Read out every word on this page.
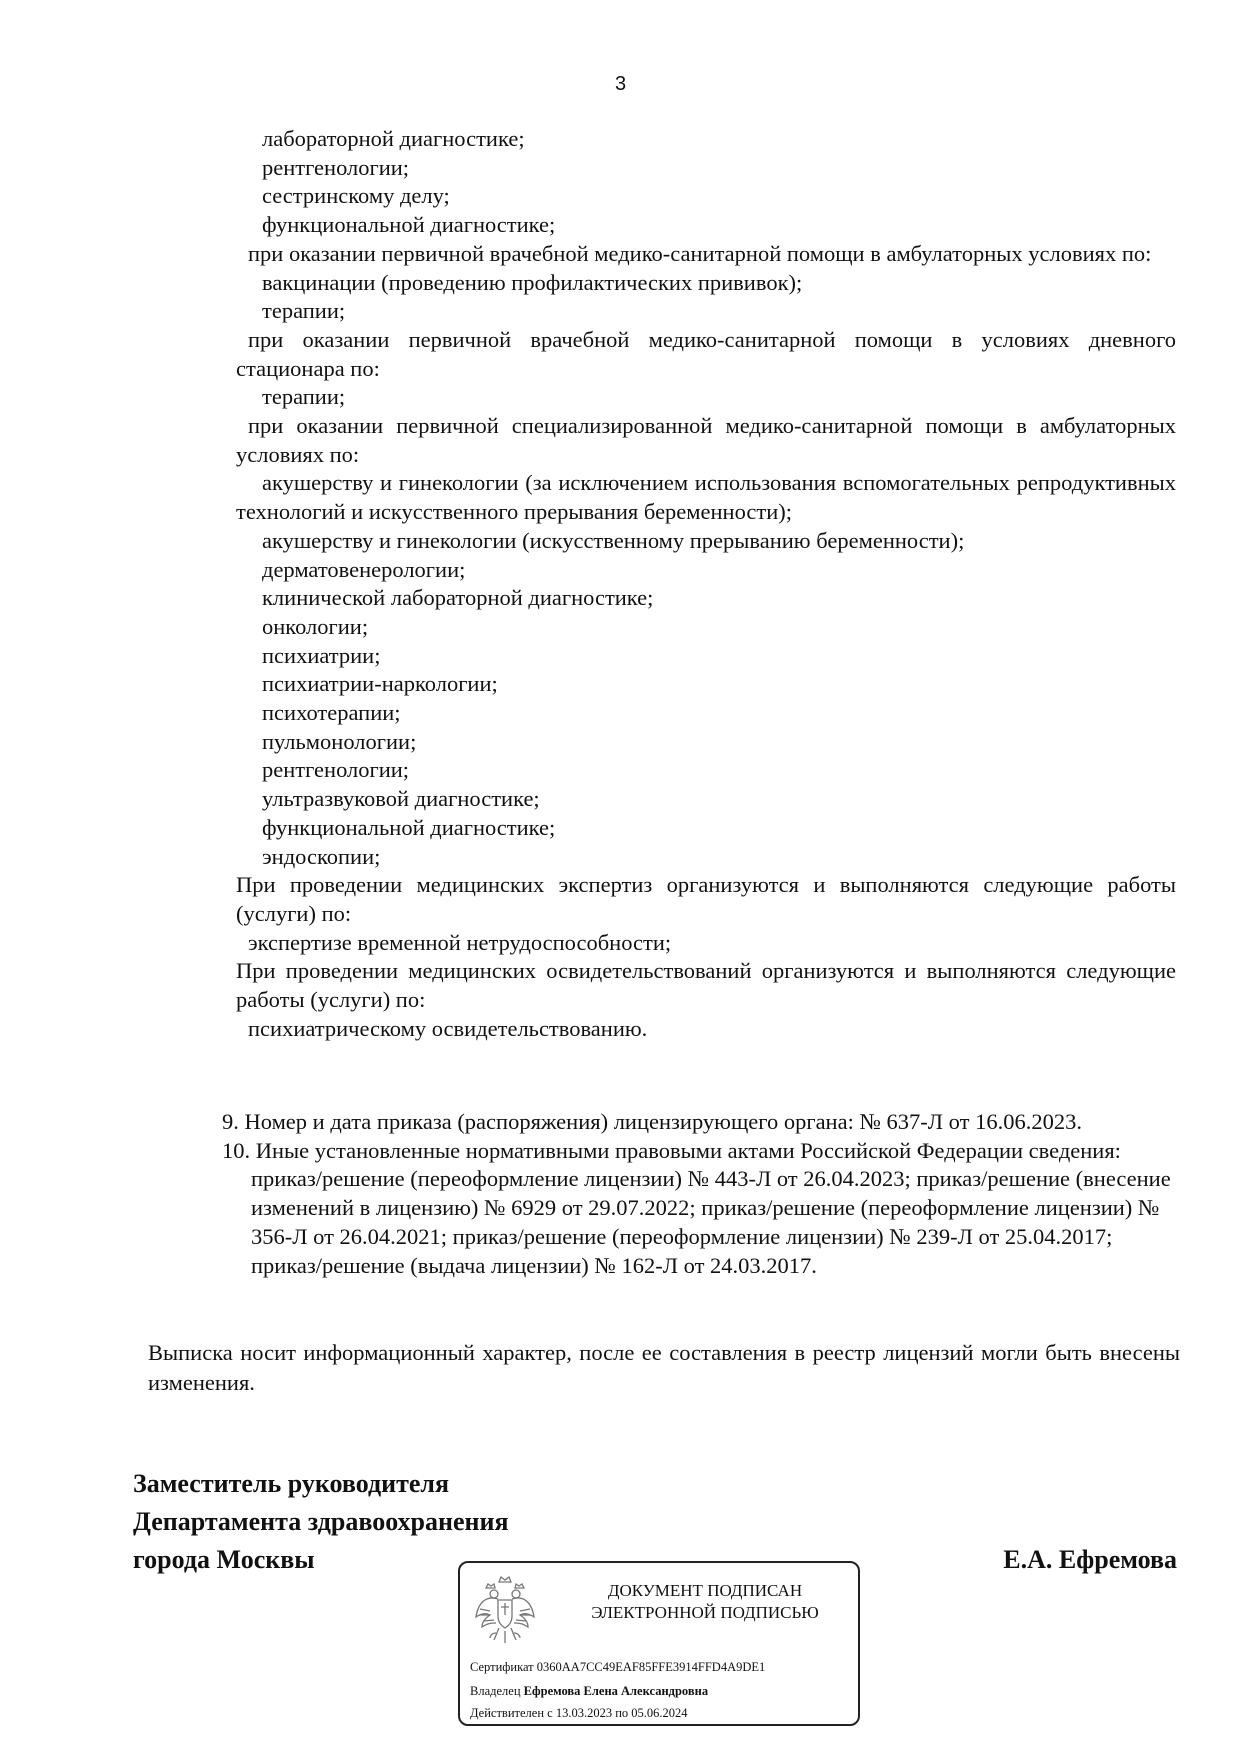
3

лабораторной диагностике;

рентгенологии;

сестринскому делу;

функциональной диагностике;

при оказании первичной врачебной медико-санитарной помощи в амбулаторных условиях по:

вакцинации (проведению профилактических прививок);

терапии;

при оказании первичной врачебной медико-санитарной помощи в условиях дневного стационара по:

терапии;

при оказании первичной специализированной медико-санитарной помощи в амбулаторных условиях по:

акушерству и гинекологии (за исключением использования вспомогательных репродуктивных технологий и искусственного прерывания беременности);

акушерству и гинекологии (искусственному прерыванию беременности);

дерматовенерологии;

клинической лабораторной диагностике;

онкологии;

психиатрии;

психиатрии-наркологии;

психотерапии;

пульмонологии;

рентгенологии;

ультразвуковой диагностике;

функциональной диагностике;

эндоскопии;

При проведении медицинских экспертиз организуются и выполняются следующие работы (услуги) по:

экспертизе временной нетрудоспособности;

При проведении медицинских освидетельствований организуются и выполняются следующие работы (услуги) по:

психиатрическому освидетельствованию.

9. Номер и дата приказа (распоряжения) лицензирующего органа: № 637-Л от 16.06.2023.

10. Иные установленные нормативными правовыми актами Российской Федерации сведения: приказ/решение (переоформление лицензии) № 443-Л от 26.04.2023; приказ/решение (внесение изменений в лицензию) № 6929 от 29.07.2022; приказ/решение (переоформление лицензии) № 356-Л от 26.04.2021; приказ/решение (переоформление лицензии) № 239-Л от 25.04.2017; приказ/решение (выдача лицензии) № 162-Л от 24.03.2017.

Выписка носит информационный характер, после ее составления в реестр лицензий могли быть внесены изменения.
Заместитель руководителя
Департамента здравоохранения
города Москвы	Е.А. Ефремова
ДОКУМЕНТ ПОДПИСАН
ЭЛЕКТРОННОЙ ПОДПИСЬЮ
Сертификат 0360AA7CC49EAF85FFE3914FFD4A9DE1
Владелец Ефремова Елена Александровна
Действителен с 13.03.2023 по 05.06.2024
